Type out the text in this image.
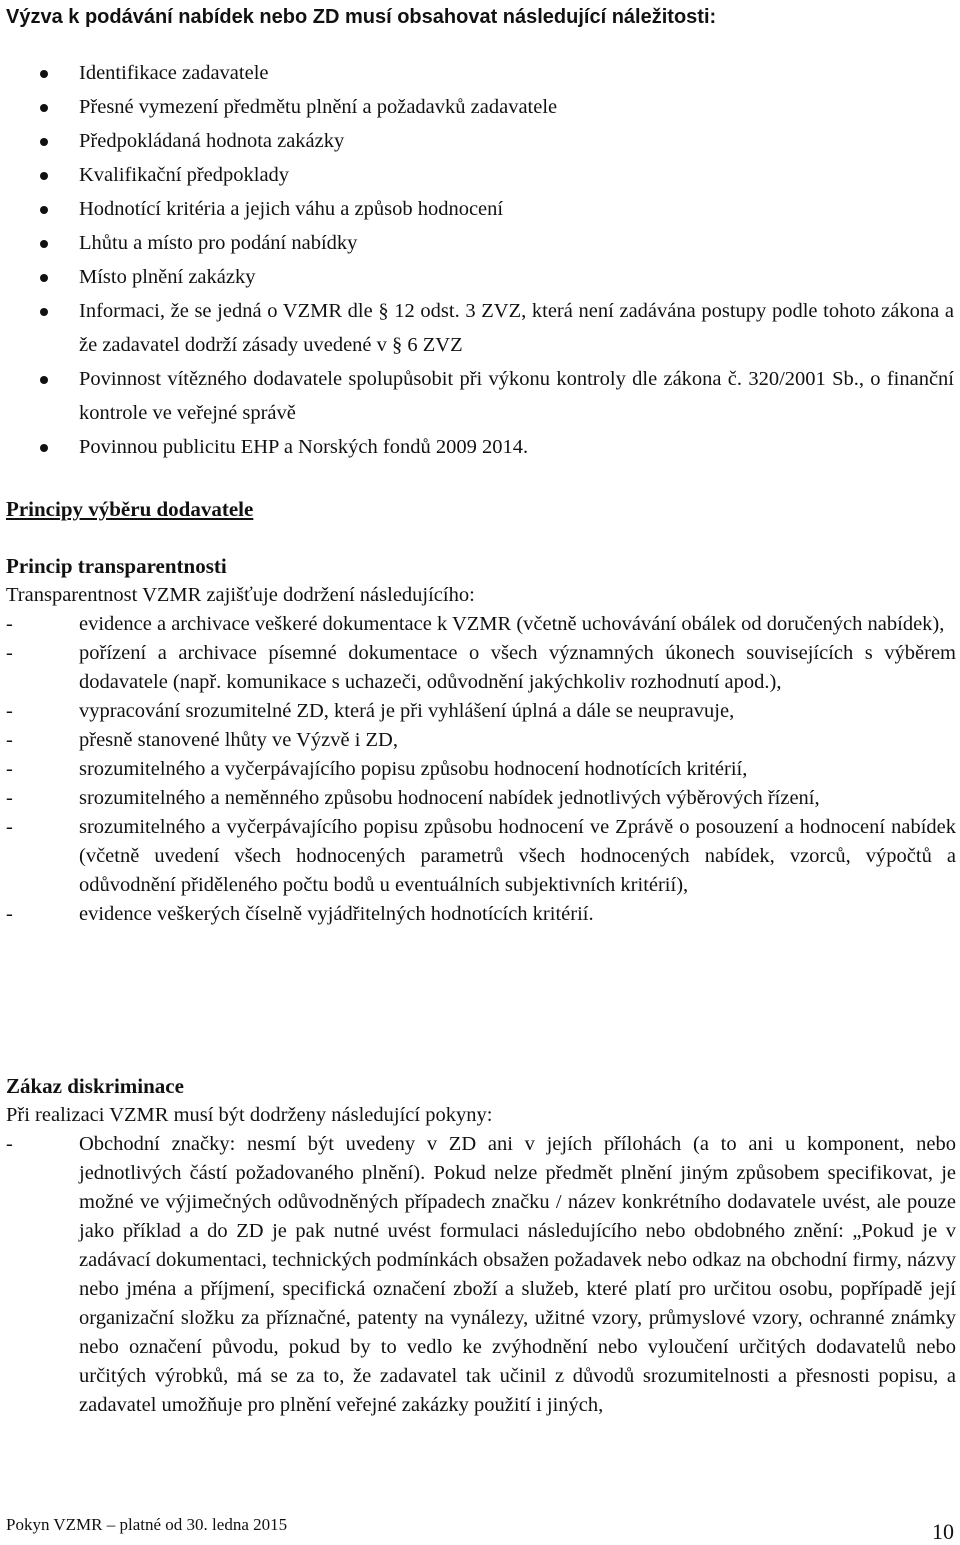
Výzva k podávání nabídek nebo ZD musí obsahovat následující náležitosti:
Identifikace zadavatele
Přesné vymezení předmětu plnění a požadavků zadavatele
Předpokládaná hodnota zakázky
Kvalifikační předpoklady
Hodnotící kritéria a jejich váhu a způsob hodnocení
Lhůtu a místo pro podání nabídky
Místo plnění zakázky
Informaci, že se jedná o VZMR dle § 12 odst. 3 ZVZ, která není zadávána postupy podle tohoto zákona a že zadavatel dodrží zásady uvedené v § 6 ZVZ
Povinnost vítězného dodavatele spolupůsobit při výkonu kontroly dle zákona č. 320/2001 Sb., o finanční kontrole ve veřejné správě
Povinnou publicitu EHP a Norských fondů 2009 2014.
Principy výběru dodavatele
Princip transparentnosti
Transparentnost VZMR zajišťuje dodržení následujícího:
-	evidence a archivace veškeré dokumentace k VZMR (včetně uchovávání obálek od doručených nabídek),
-	pořízení a archivace písemné dokumentace o všech významných úkonech souvisejících s výběrem dodavatele (např. komunikace s uchazeči, odůvodnění jakýchkoliv rozhodnutí apod.),
-	vypracování srozumitelné ZD, která je při vyhlášení úplná a dále se neupravuje,
-	přesně stanovené lhůty ve Výzvě i ZD,
-	srozumitelného a vyčerpávajícího popisu způsobu hodnocení hodnotících kritérií,
-	srozumitelného a neměnného způsobu hodnocení nabídek jednotlivých výběrových řízení,
-	srozumitelného a vyčerpávajícího popisu způsobu hodnocení ve Zprávě o posouzení a hodnocení nabídek (včetně uvedení všech hodnocených parametrů všech hodnocených nabídek, vzorců, výpočtů a odůvodnění přiděleného počtu bodů u eventuálních subjektivních kritérií),
-	evidence veškerých číselně vyjádřitelných hodnotících kritérií.
Zákaz diskriminace
Při realizaci VZMR musí být dodrženy následující pokyny:
-	Obchodní značky: nesmí být uvedeny v ZD ani v jejích přílohách (a to ani u komponent, nebo jednotlivých částí požadovaného plnění). Pokud nelze předmět plnění jiným způsobem specifikovat, je možné ve výjimečných odůvodněných případech značku / název konkrétního dodavatele uvést, ale pouze jako příklad a do ZD je pak nutné uvést formulaci následujícího nebo obdobného znění: „Pokud je v zadávací dokumentaci, technických podmínkách obsažen požadavek nebo odkaz na obchodní firmy, názvy nebo jména a příjmení, specifická označení zboží a služeb, které platí pro určitou osobu, popřípadě její organizační složku za příznačné, patenty na vynálezy, užitné vzory, průmyslové vzory, ochranné známky nebo označení původu, pokud by to vedlo ke zvýhodnění nebo vyloučení určitých dodavatelů nebo určitých výrobků, má se za to, že zadavatel tak učinil z důvodů srozumitelnosti a přesnosti popisu, a zadavatel umožňuje pro plnění veřejné zakázky použití i jiných,
Pokyn VZMR – platné od 30. ledna 2015	10
